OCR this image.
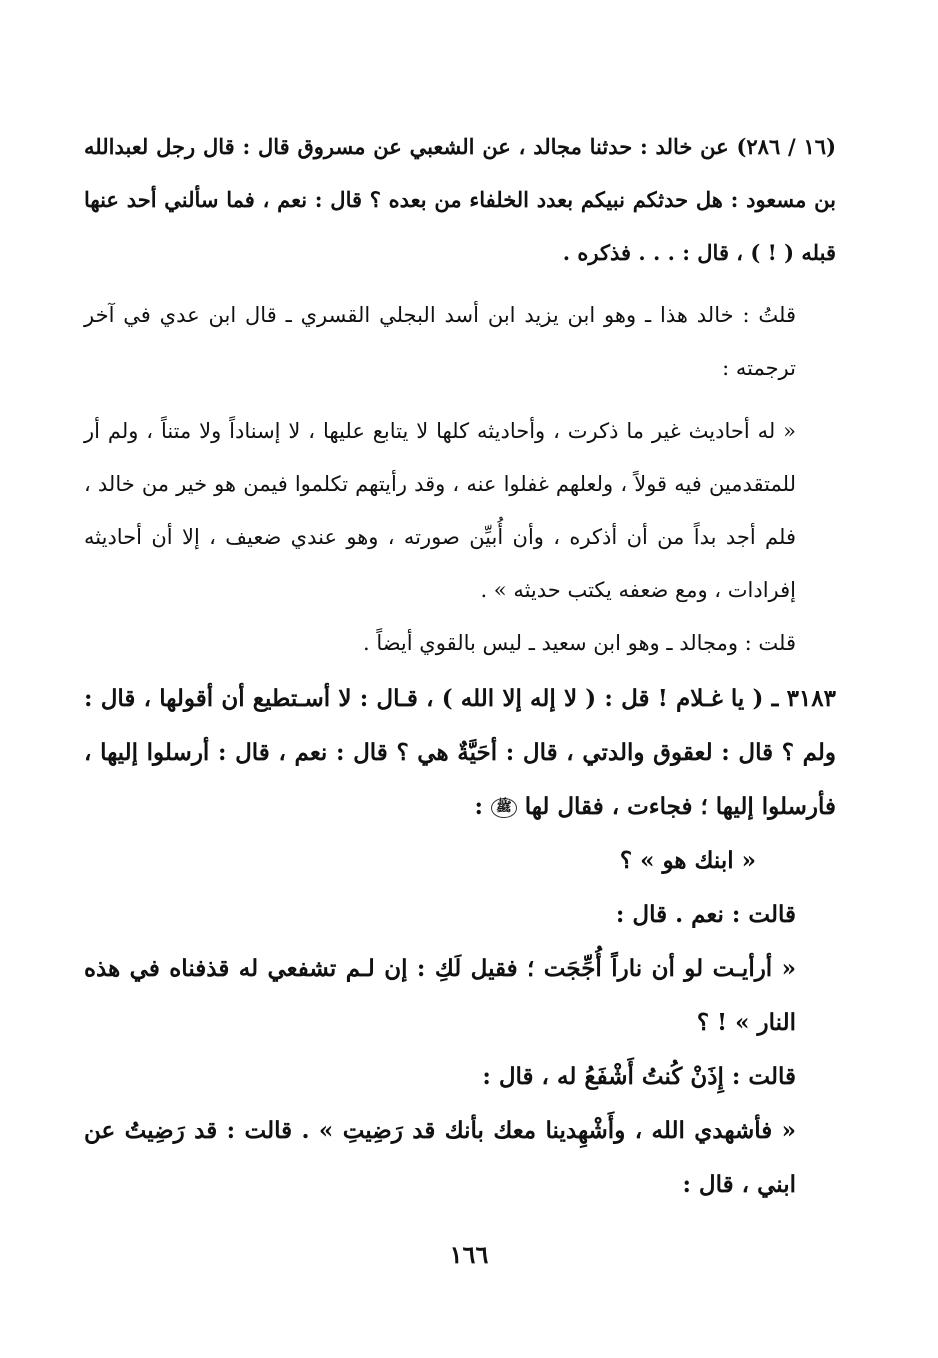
(١٦ / ٢٨٦) عن خالد : حدثنا مجالد ، عن الشعبي عن مسروق قال : قال رجل لعبدالله بن مسعود : هل حدثكم نبيكم بعدد الخلفاء من بعده ؟ قال : نعم ، فما سألني أحد عنها قبله ( ! ) ، قال : . . . فذكره .

قلتُ : خالد هذا ـ وهو ابن يزيد ابن أسد البجلي القسري ـ قال ابن عدي في آخر ترجمته :

« له أحاديث غير ما ذكرت ، وأحاديثه كلها لا يتابع عليها ، لا إسناداً ولا متناً ، ولم أر للمتقدمين فيه قولاً ، ولعلهم غفلوا عنه ، وقد رأيتهم تكلموا فيمن هو خير من خالد ، فلم أجد بداً من أن أذكره ، وأن أُبيِّن صورته ، وهو عندي ضعيف ، إلا أن أحاديثه إفرادات ، ومع ضعفه يكتب حديثه » .

قلت : ومجالد ـ وهو ابن سعيد ـ ليس بالقوي أيضاً .

٣١٨٣ ـ ( يا غـلام ! قل : ( لا إله إلا الله ) ، قـال : لا أسـتطيع أن أقولها ، قال : ولم ؟ قال : لعقوق والدتي ، قال : أحَيَّةٌ هي ؟ قال : نعم ، قال : أرسلوا إليها ، فأرسلوا إليها ؛ فجاءت ، فقال لها ﷺ :

« ابنك هو » ؟

قالت : نعم . قال :

« أرأيـت لو أن ناراً أُجِّجَت ؛ فقيل لَكِ : إن لـم تشفعي له قذفناه في هذه النار » ! ؟

قالت : إِذَنْ كُنتُ أَشْفَعُ له ، قال :

« فأشهدي الله ، وأَشْهِدينا معك بأنك قد رَضِيتِ » . قالت : قد رَضِيتُ عن ابني ، قال :

١٦٦
